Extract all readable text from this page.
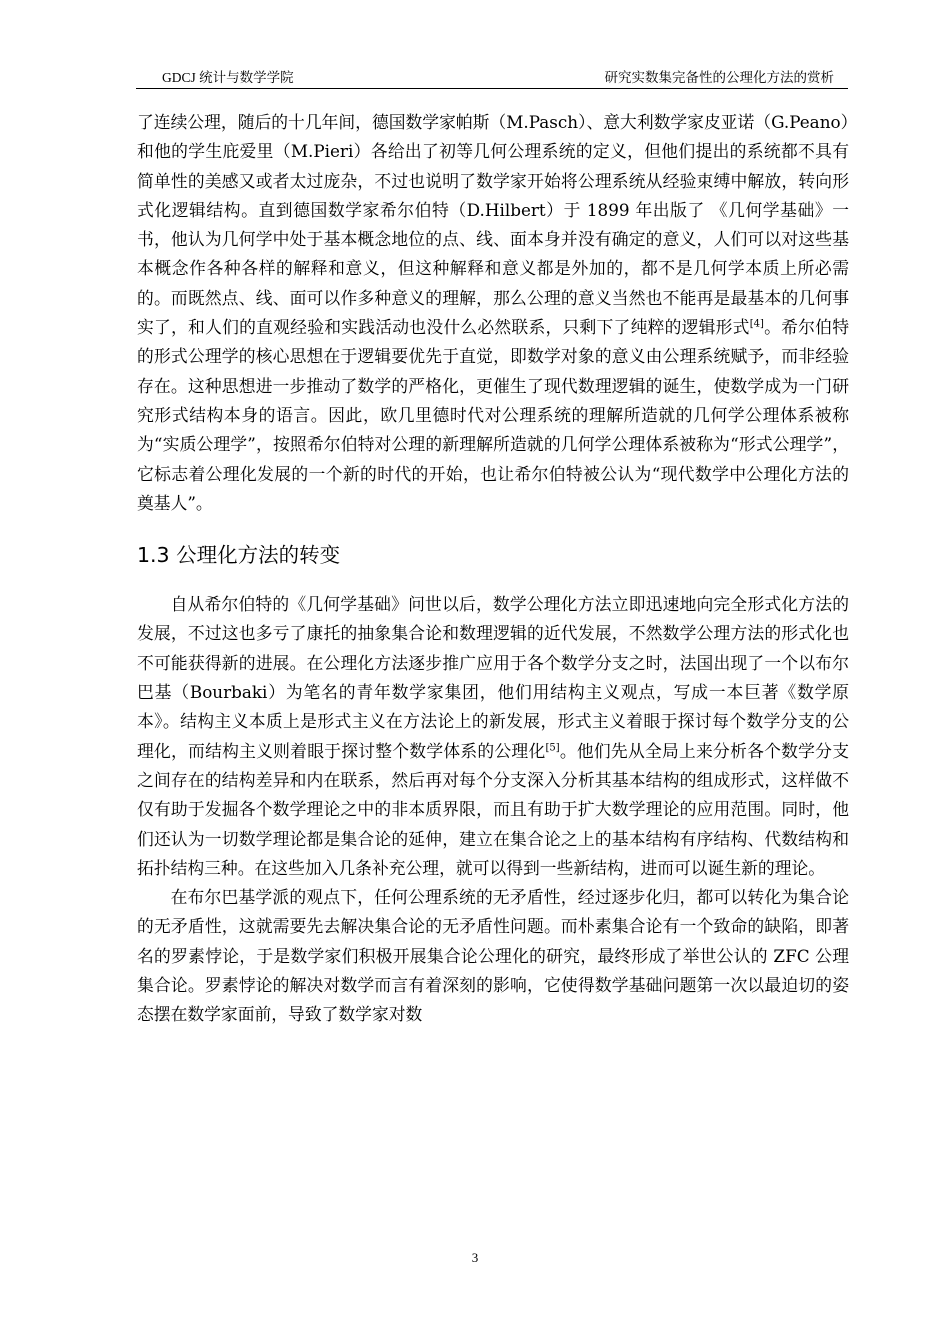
GDCJ 统计与数学学院	研究实数集完备性的公理化方法的赏析

了连续公理，随后的十几年间，德国数学家帕斯（M.Pasch）、意大利数学家皮亚诺（G.Peano）和他的学生庇爱里（M.Pieri）各给出了初等几何公理系统的定义，但他们提出的系统都不具有简单性的美感又或者太过庞杂，不过也说明了数学家开始将公理系统从经验束缚中解放，转向形式化逻辑结构。直到德国数学家希尔伯特（D.Hilbert）于 1899 年出版了 《几何学基础》一书，他认为几何学中处于基本概念地位的点、线、面本身并没有确定的意义，人们可以对这些基本概念作各种各样的解释和意义，但这种解释和意义都是外加的，都不是几何学本质上所必需的。而既然点、线、面可以作多种意义的理解，那么公理的意义当然也不能再是最基本的几何事实了，和人们的直观经验和实践活动也没什么必然联系，只剩下了纯粹的逻辑形式[4]。希尔伯特的形式公理学的核心思想在于逻辑要优先于直觉，即数学对象的意义由公理系统赋予，而非经验存在。这种思想进一步推动了数学的严格化，更催生了现代数理逻辑的诞生，使数学成为一门研究形式结构本身的语言。因此，欧几里德时代对公理系统的理解所造就的几何学公理体系被称为“实质公理学”，按照希尔伯特对公理的新理解所造就的几何学公理体系被称为“形式公理学”，它标志着公理化发展的一个新的时代的开始，也让希尔伯特被公认为“现代数学中公理化方法的奠基人”。

1.3 公理化方法的转变

自从希尔伯特的《几何学基础》问世以后，数学公理化方法立即迅速地向完全形式化方法的发展，不过这也多亏了康托的抽象集合论和数理逻辑的近代发展，不然数学公理方法的形式化也不可能获得新的进展。在公理化方法逐步推广应用于各个数学分支之时，法国出现了一个以布尔巴基（Bourbaki）为笔名的青年数学家集团，他们用结构主义观点，写成一本巨著《数学原本》。结构主义本质上是形式主义在方法论上的新发展，形式主义着眼于探讨每个数学分支的公理化，而结构主义则着眼于探讨整个数学体系的公理化[5]。他们先从全局上来分析各个数学分支之间存在的结构差异和内在联系，然后再对每个分支深入分析其基本结构的组成形式，这样做不仅有助于发掘各个数学理论之中的非本质界限，而且有助于扩大数学理论的应用范围。同时，他们还认为一切数学理论都是集合论的延伸，建立在集合论之上的基本结构有序结构、代数结构和拓扑结构三种。在这些加入几条补充公理，就可以得到一些新结构，进而可以诞生新的理论。

在布尔巴基学派的观点下，任何公理系统的无矛盾性，经过逐步化归，都可以转化为集合论的无矛盾性，这就需要先去解决集合论的无矛盾性问题。而朴素集合论有一个致命的缺陷，即著名的罗素悖论，于是数学家们积极开展集合论公理化的研究，最终形成了举世公认的 ZFC 公理集合论。罗素悖论的解决对数学而言有着深刻的影响，它使得数学基础问题第一次以最迫切的姿态摆在数学家面前，导致了数学家对数

3
